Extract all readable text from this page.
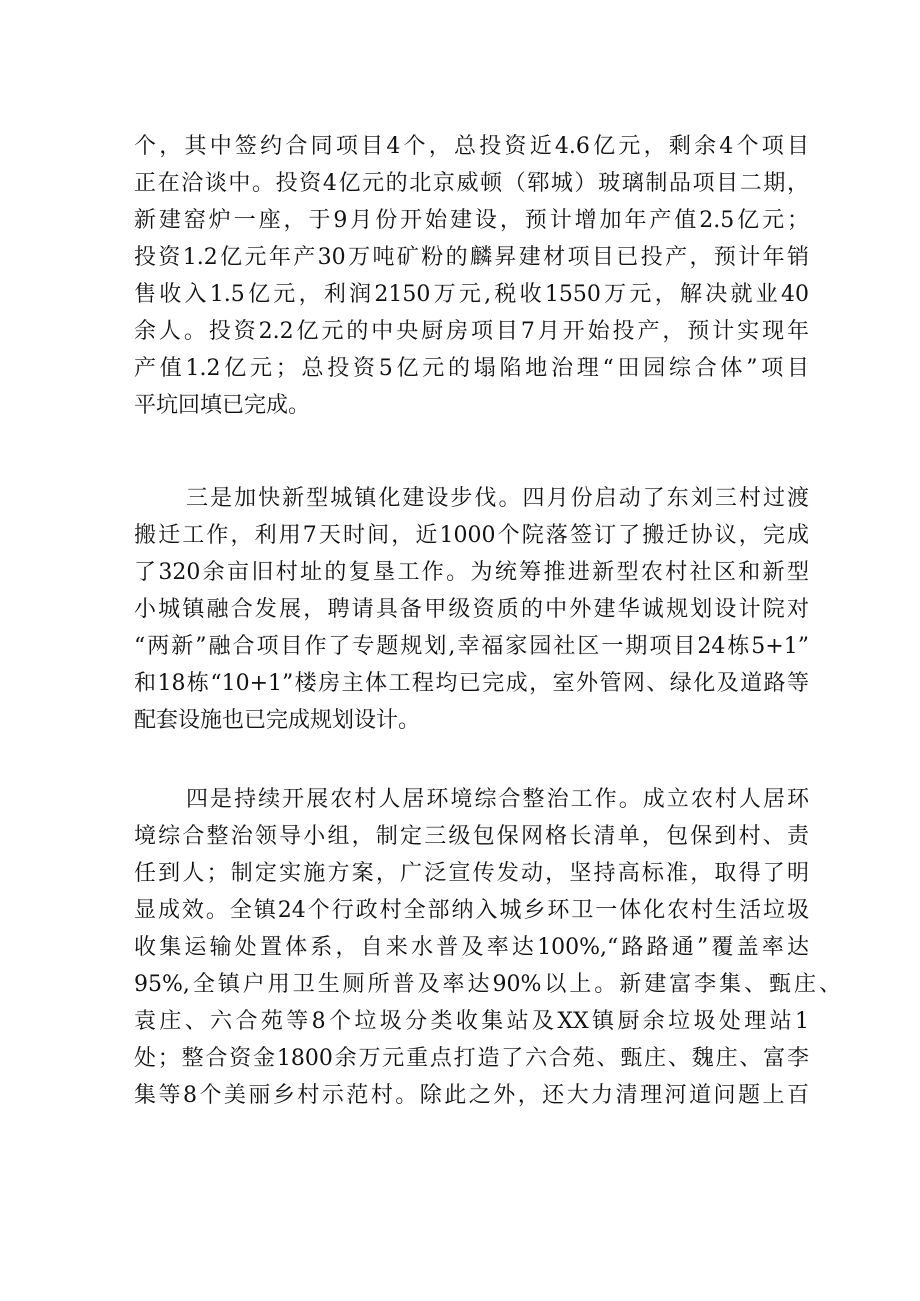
个，其中签约合同项目4个，总投资近4.6亿元，剩余4个项目
正在洽谈中。投资4亿元的北京威顿（郓城）玻璃制品项目二期，
新建窑炉一座，于9月份开始建设，预计增加年产值2.5亿元；
投资1.2亿元年产30万吨矿粉的麟昇建材项目已投产，预计年销
售收入1.5亿元，利润2150万元,税收1550万元，解决就业40
余人。投资2.2亿元的中央厨房项目7月开始投产，预计实现年
产值1.2亿元；总投资5亿元的塌陷地治理“田园综合体”项目
平坑回填已完成。
三是加快新型城镇化建设步伐。四月份启动了东刘三村过渡
搬迁工作，利用7天时间，近1000个院落签订了搬迁协议，完成
了320余亩旧村址的复垦工作。为统筹推进新型农村社区和新型
小城镇融合发展，聘请具备甲级资质的中外建华诚规划设计院对
“两新”融合项目作了专题规划,幸福家园社区一期项目24栋5+1”
和18栋“10+1”楼房主体工程均已完成，室外管网、绿化及道路等
配套设施也已完成规划设计。
四是持续开展农村人居环境综合整治工作。成立农村人居环
境综合整治领导小组，制定三级包保网格长清单，包保到村、责
任到人；制定实施方案，广泛宣传发动，坚持高标准，取得了明
显成效。全镇24个行政村全部纳入城乡环卫一体化农村生活垃圾
收集运输处置体系，自来水普及率达100%,“路路通”覆盖率达
95%,全镇户用卫生厕所普及率达90%以上。新建富李集、甄庄、
袁庄、六合苑等8个垃圾分类收集站及XX镇厨余垃圾处理站1
处；整合资金1800余万元重点打造了六合苑、甄庄、魏庄、富李
集等8个美丽乡村示范村。除此之外，还大力清理河道问题上百
